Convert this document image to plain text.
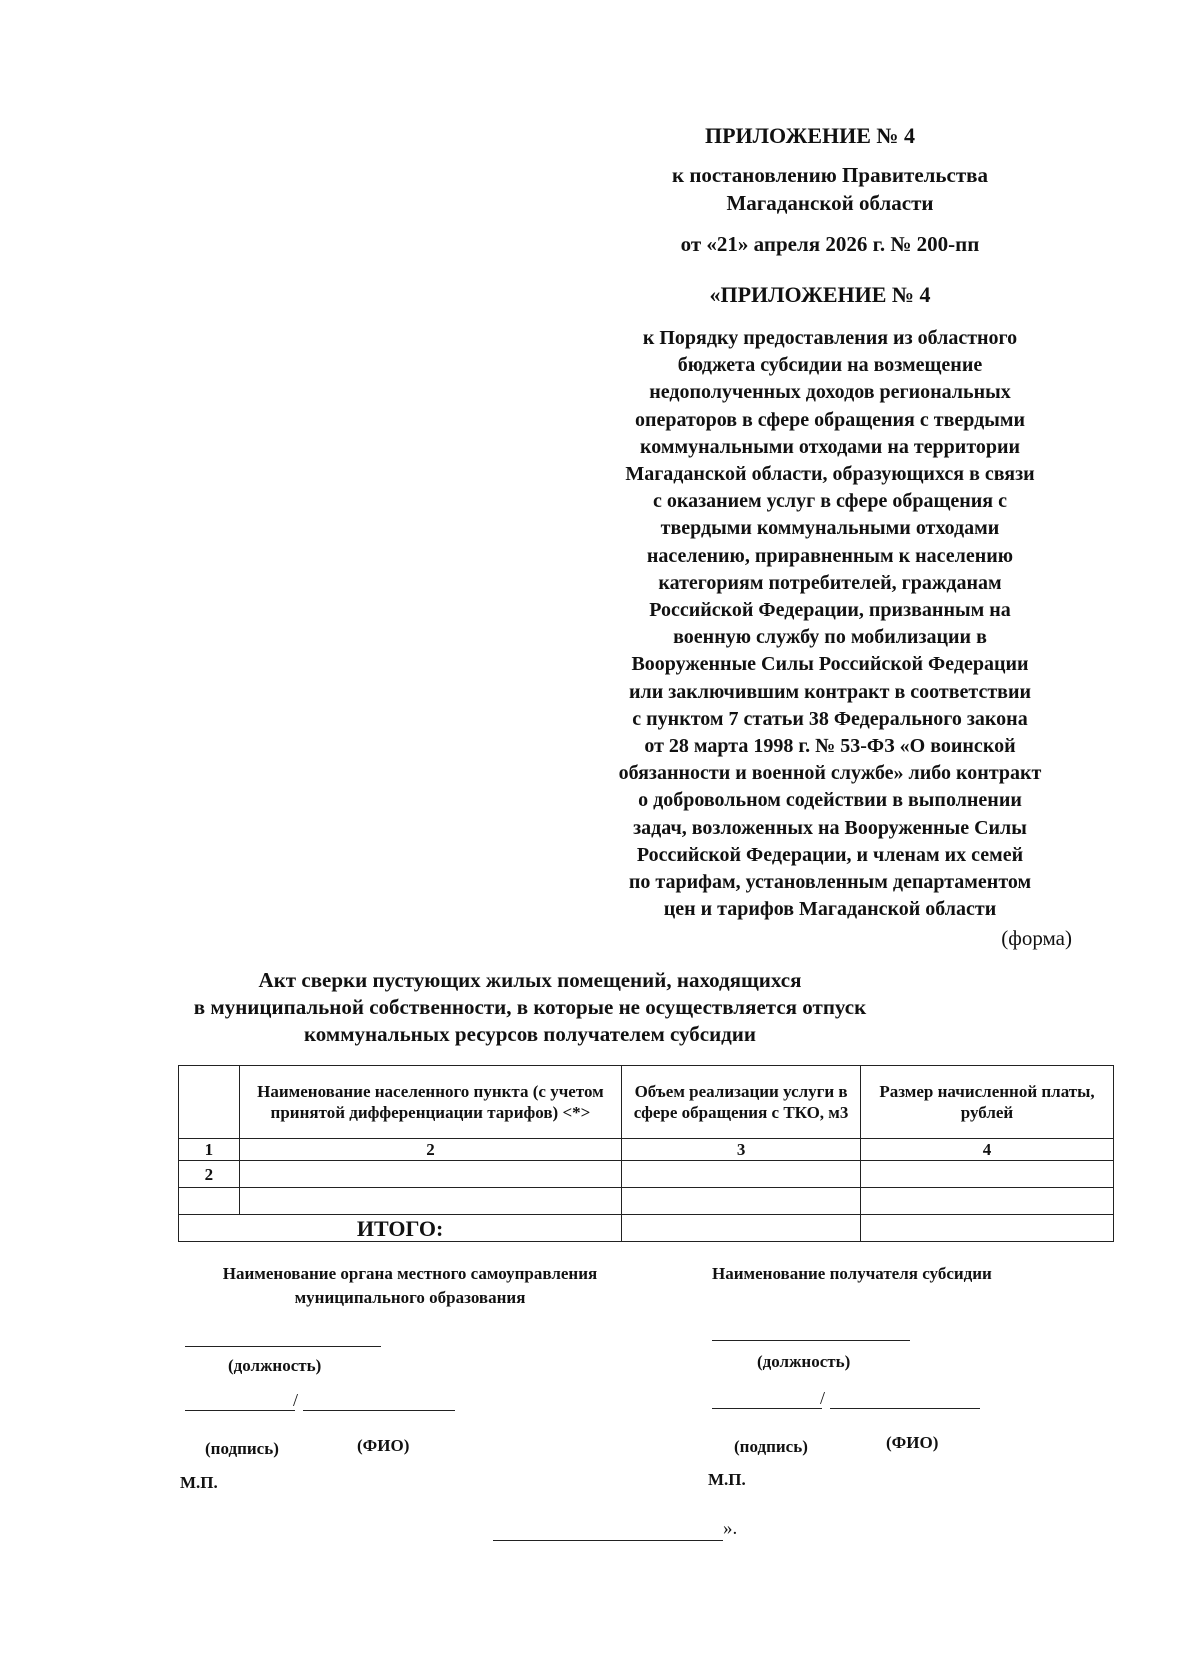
ПРИЛОЖЕНИЕ № 4
к постановлению Правительства
Магаданской области
от «21» апреля 2026 г. № 200-пп
«ПРИЛОЖЕНИЕ № 4
к Порядку предоставления из областного
бюджета субсидии на возмещение
недополученных доходов региональных
операторов в сфере обращения с твердыми
коммунальными отходами на территории
Магаданской области, образующихся в связи
с оказанием услуг в сфере обращения с
твердыми коммунальными отходами
населению, приравненным к населению
категориям потребителей, гражданам
Российской Федерации, призванным на
военную службу по мобилизации в
Вооруженные Силы Российской Федерации
или заключившим контракт в соответствии
с пунктом 7 статьи 38 Федерального закона
от 28 марта 1998 г. № 53-ФЗ «О воинской
обязанности и военной службе» либо контракт
о добровольном содействии в выполнении
задач, возложенных на Вооруженные Силы
Российской Федерации, и членам их семей
по тарифам, установленным департаментом
цен и тарифов Магаданской области
(форма)
Акт сверки пустующих жилых помещений, находящихся
в муниципальной собственности, в которые не осуществляется отпуск
коммунальных ресурсов получателем субсидии
	Наименование населенного пункта (с учетом принятой дифференциации тарифов) <*>	Объем реализации услуги в сфере обращения с ТКО, м3	Размер начисленной платы, рублей
1	2	3	4
2			

ИТОГО:			
Наименование органа местного самоуправления
муниципального образования
(должность)
/
(подпись)	(ФИО)
М.П.
Наименование получателя субсидии
(должность)
/
(подпись)	(ФИО)
М.П.
».
